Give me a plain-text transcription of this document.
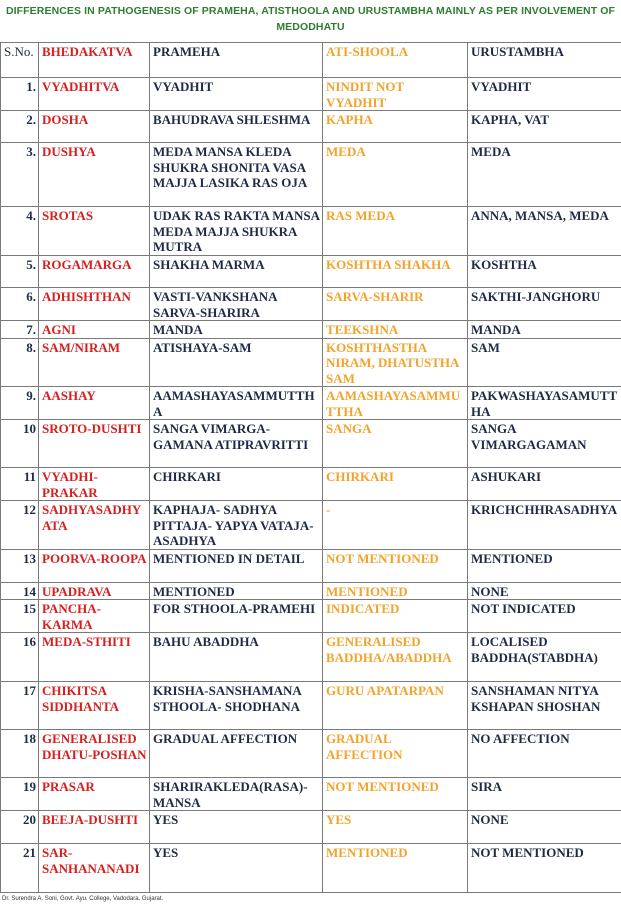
DIFFERENCES IN PATHOGENESIS OF PRAMEHA, ATISTHOOLA AND URUSTAMBHA MAINLY AS PER INVOLVEMENT OF MEDODHATU
S.No.	BHEDAKATVA	PRAMEHA	ATI-SHOOLA	URUSTAMBHA
1.	VYADHITVA	VYADHIT	NINDIT NOT VYADHIT	VYADHIT
2.	DOSHA	BAHUDRAVA SHLESHMA	KAPHA	KAPHA, VAT
3.	DUSHYA	MEDA MANSA KLEDA SHUKRA SHONITA VASA MAJJA LASIKA RAS OJA	MEDA	MEDA
4.	SROTAS	UDAK RAS RAKTA MANSA MEDA MAJJA SHUKRA MUTRA	RAS MEDA	ANNA, MANSA, MEDA
5.	ROGAMARGA	SHAKHA MARMA	KOSHTHA SHAKHA	KOSHTHA
6.	ADHISHTHAN	VASTI-VANKSHANA SARVA-SHARIRA	SARVA-SHARIR	SAKTHI-JANGHORU
7.	AGNI	MANDA	TEEKSHNA	MANDA
8.	SAM/NIRAM	ATISHAYA-SAM	KOSHTHASTHA NIRAM, DHATUSTHA SAM	SAM
9.	AASHAY	AAMASHAYASAMMUTTHA	AAMASHAYASAMMUTTHA	PAKWASHAYASAMUTTHA
10	SROTO-DUSHTI	SANGA VIMARGA-GAMANA ATIPRAVRITTI	SANGA	SANGA VIMARGAGAMAN
11	VYADHI-PRAKAR	CHIRKARI	CHIRKARI	ASHUKARI
12	SADHYASADHYATA	KAPHAJA- SADHYA PITTAJA- YAPYA VATAJA- ASADHYA	-	KRICHCHHRASADHYA
13	POORVA-ROOPA	MENTIONED IN DETAIL	NOT MENTIONED	MENTIONED
14	UPADRAVA	MENTIONED	MENTIONED	NONE
15	PANCHA-KARMA	FOR STHOOLA-PRAMEHI	INDICATED	NOT INDICATED
16	MEDA-STHITI	BAHU ABADDHA	GENERALISED BADDHA/ABADDHA	LOCALISED BADDHA(STABDHA)
17	CHIKITSA SIDDHANTA	KRISHA-SANSHAMANA STHOOLA- SHODHANA	GURU APATARPAN	SANSHAMAN NITYA KSHAPAN SHOSHAN
18	GENERALISED DHATU-POSHAN	GRADUAL AFFECTION	GRADUAL AFFECTION	NO AFFECTION
19	PRASAR	SHARIRAKLEDA(RASA)-MANSA	NOT MENTIONED	SIRA
20	BEEJA-DUSHTI	YES	YES	NONE
21	SAR-SANHANANADI	YES	MENTIONED	NOT MENTIONED
Dr. Surendra A. Soni, Govt. Ayu. College, Vadodara, Gujarat.
